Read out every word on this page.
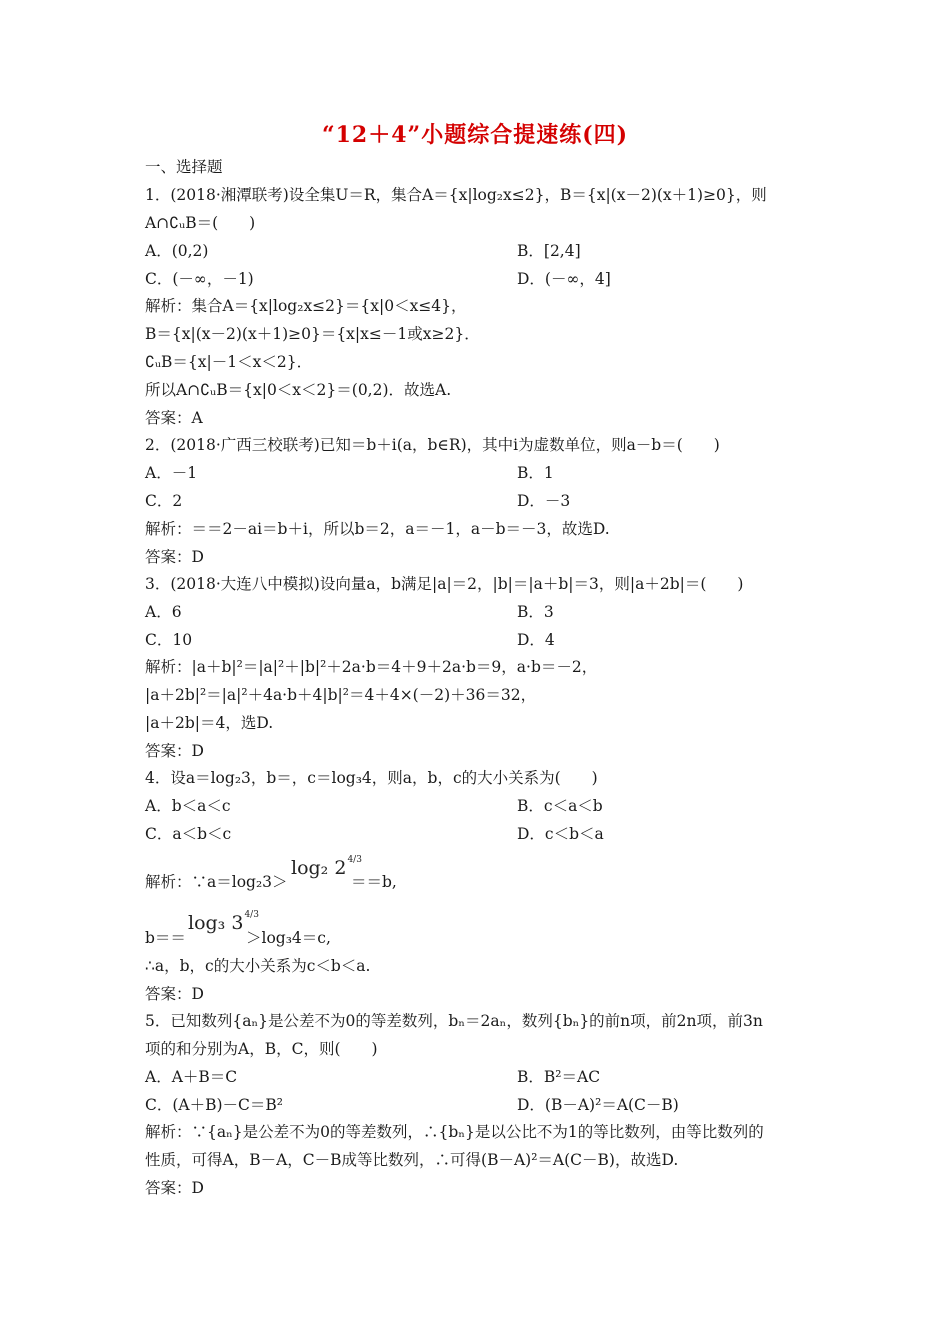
“12＋4”小题综合提速练(四)
一、选择题
1．(2018·湘潭联考)设全集U＝R，集合A＝{x|log₂x≤2}，B＝{x|(x－2)(x＋1)≥0}，则
A∩∁ᵤB＝(　　)
A．(0,2)	B．[2,4]
C．(－∞，－1)	D．(－∞，4]
解析：集合A＝{x|log₂x≤2}＝{x|0＜x≤4}，
B＝{x|(x－2)(x＋1)≥0}＝{x|x≤－1或x≥2}．
∁ᵤB＝{x|－1＜x＜2}．
所以A∩∁ᵤB＝{x|0＜x＜2}＝(0,2)．故选A.
答案：A
2．(2018·广西三校联考)已知＝b＋i(a，b∈R)，其中i为虚数单位，则a－b＝(　　)
A．－1	B．1
C．2	D．－3
解析：＝＝2－ai＝b＋i，所以b＝2，a＝－1，a－b＝－3，故选D.
答案：D
3．(2018·大连八中模拟)设向量a，b满足|a|＝2，|b|＝|a＋b|＝3，则|a＋2b|＝(　　)
A．6	B．3
C．10	D．4
解析：|a＋b|²＝|a|²＋|b|²＋2a·b＝4＋9＋2a·b＝9，a·b＝－2，
|a＋2b|²＝|a|²＋4a·b＋4|b|²＝4＋4×(－2)＋36＝32，
|a＋2b|＝4，选D.
答案：D
4．设a＝log₂3，b＝，c＝log₃4，则a，b，c的大小关系为(　　)
A．b＜a＜c	B．c＜a＜b
C．a＜b＜c	D．c＜b＜a
解析：∵a＝log₂3＞
log₂ $2^{4/3}$
＝＝b,
b＝＝
log₃ $3^{4/3}$
＞log₃4＝c,
∴a，b，c的大小关系为c＜b＜a.
答案：D
5．已知数列{aₙ}是公差不为0的等差数列，bₙ＝2aₙ，数列{bₙ}的前n项，前2n项，前3n
项的和分别为A，B，C，则(　　)
A．A＋B＝C	B．B²＝AC
C．(A＋B)－C＝B²	D．(B－A)²＝A(C－B)
解析：∵{aₙ}是公差不为0的等差数列，∴{bₙ}是以公比不为1的等比数列，由等比数列的
性质，可得A，B－A，C－B成等比数列，∴可得(B－A)²＝A(C－B)，故选D.
答案：D
